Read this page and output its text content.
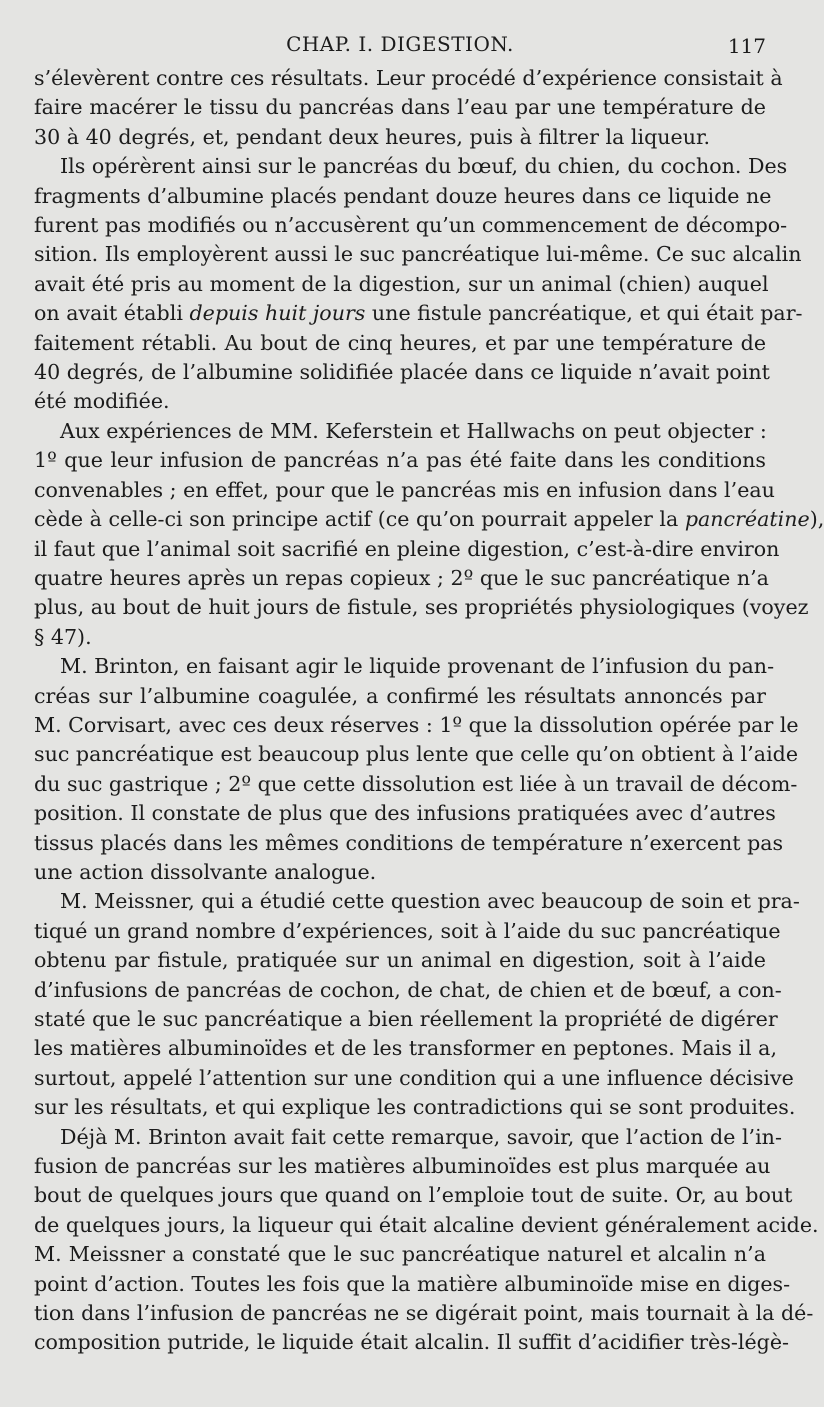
CHAP. I. DIGESTION.	117
s’élevèrent contre ces résultats. Leur procédé d’expérience consistait à
faire macérer le tissu du pancréas dans l’eau par une température de
30 à 40 degrés, et, pendant deux heures, puis à filtrer la liqueur.
Ils opérèrent ainsi sur le pancréas du bœuf, du chien, du cochon. Des
fragments d’albumine placés pendant douze heures dans ce liquide ne
furent pas modifiés ou n’accusèrent qu’un commencement de décompo-
sition. Ils employèrent aussi le suc pancréatique lui-même. Ce suc alcalin
avait été pris au moment de la digestion, sur un animal (chien) auquel
on avait établi depuis huit jours une fistule pancréatique, et qui était par-
faitement rétabli. Au bout de cinq heures, et par une température de
40 degrés, de l’albumine solidifiée placée dans ce liquide n’avait point
été modifiée.
Aux expériences de MM. Keferstein et Hallwachs on peut objecter :
1º que leur infusion de pancréas n’a pas été faite dans les conditions
convenables ; en effet, pour que le pancréas mis en infusion dans l’eau
cède à celle-ci son principe actif (ce qu’on pourrait appeler la pancréatine),
il faut que l’animal soit sacrifié en pleine digestion, c’est-à-dire environ
quatre heures après un repas copieux ; 2º que le suc pancréatique n’a
plus, au bout de huit jours de fistule, ses propriétés physiologiques (voyez
§ 47).
M. Brinton, en faisant agir le liquide provenant de l’infusion du pan-
créas sur l’albumine coagulée, a confirmé les résultats annoncés par
M. Corvisart, avec ces deux réserves : 1º que la dissolution opérée par le
suc pancréatique est beaucoup plus lente que celle qu’on obtient à l’aide
du suc gastrique ; 2º que cette dissolution est liée à un travail de décom-
position. Il constate de plus que des infusions pratiquées avec d’autres
tissus placés dans les mêmes conditions de température n’exercent pas
une action dissolvante analogue.
M. Meissner, qui a étudié cette question avec beaucoup de soin et pra-
tiqué un grand nombre d’expériences, soit à l’aide du suc pancréatique
obtenu par fistule, pratiquée sur un animal en digestion, soit à l’aide
d’infusions de pancréas de cochon, de chat, de chien et de bœuf, a con-
staté que le suc pancréatique a bien réellement la propriété de digérer
les matières albuminoïdes et de les transformer en peptones. Mais il a,
surtout, appelé l’attention sur une condition qui a une influence décisive
sur les résultats, et qui explique les contradictions qui se sont produites.
Déjà M. Brinton avait fait cette remarque, savoir, que l’action de l’in-
fusion de pancréas sur les matières albuminoïdes est plus marquée au
bout de quelques jours que quand on l’emploie tout de suite. Or, au bout
de quelques jours, la liqueur qui était alcaline devient généralement acide.
M. Meissner a constaté que le suc pancréatique naturel et alcalin n’a
point d’action. Toutes les fois que la matière albuminoïde mise en diges-
tion dans l’infusion de pancréas ne se digérait point, mais tournait à la dé-
composition putride, le liquide était alcalin. Il suffit d’acidifier très-légè-
